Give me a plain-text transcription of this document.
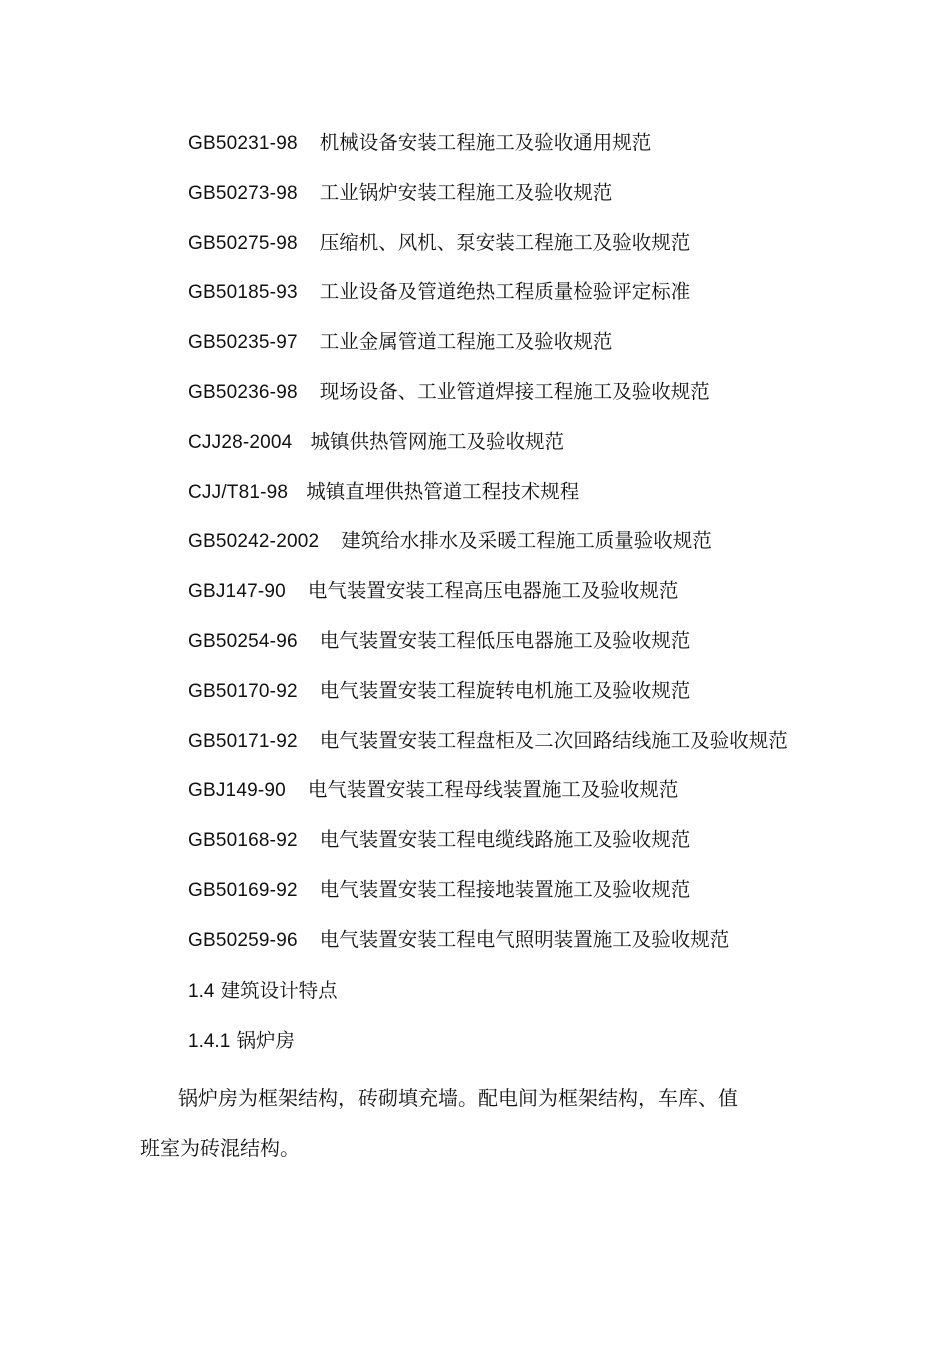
GB50231-98 机械设备安装工程施工及验收通用规范
GB50273-98 工业锅炉安装工程施工及验收规范
GB50275-98 压缩机、风机、泵安装工程施工及验收规范
GB50185-93 工业设备及管道绝热工程质量检验评定标准
GB50235-97 工业金属管道工程施工及验收规范
GB50236-98 现场设备、工业管道焊接工程施工及验收规范
CJJ28-2004 城镇供热管网施工及验收规范
CJJ/T81-98 城镇直埋供热管道工程技术规程
GB50242-2002 建筑给水排水及采暖工程施工质量验收规范
GBJ147-90 电气装置安装工程高压电器施工及验收规范
GB50254-96 电气装置安装工程低压电器施工及验收规范
GB50170-92 电气装置安装工程旋转电机施工及验收规范
GB50171-92 电气装置安装工程盘柜及二次回路结线施工及验收规范
GBJ149-90 电气装置安装工程母线装置施工及验收规范
GB50168-92 电气装置安装工程电缆线路施工及验收规范
GB50169-92 电气装置安装工程接地装置施工及验收规范
GB50259-96 电气装置安装工程电气照明装置施工及验收规范
1.4 建筑设计特点
1.4.1 锅炉房
锅炉房为框架结构，砖砌填充墙。配电间为框架结构，车库、值
班室为砖混结构。
